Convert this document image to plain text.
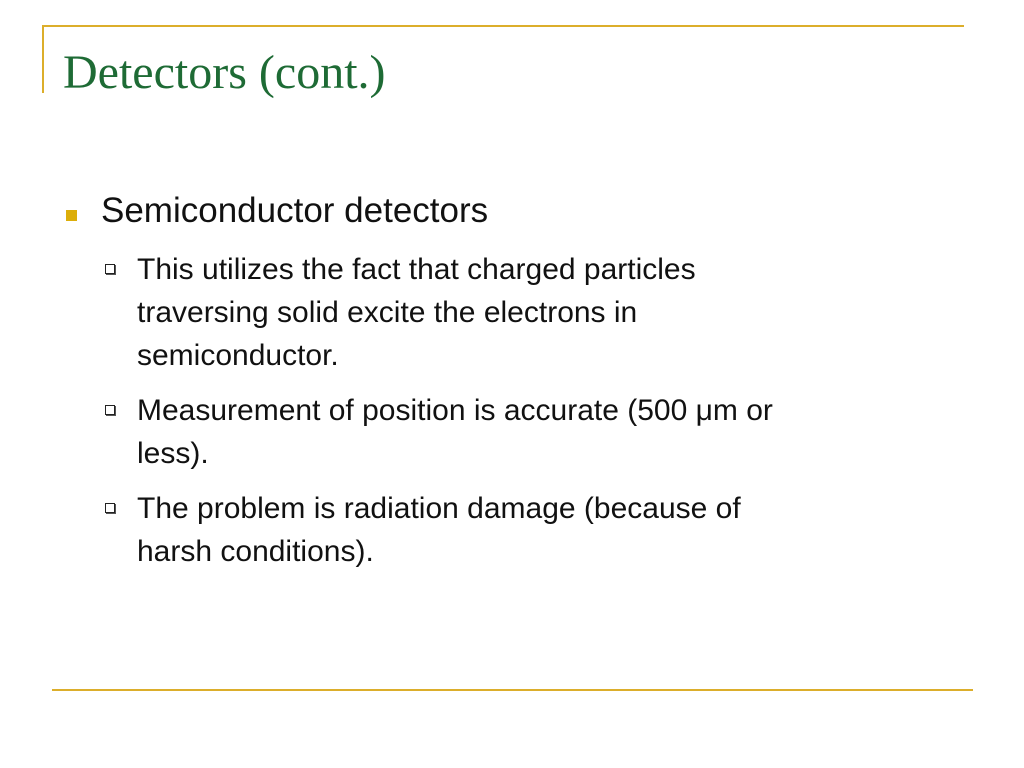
Detectors (cont.)
Semiconductor detectors
This utilizes the fact that charged particles
traversing solid excite the electrons in
semiconductor.
Measurement of position is accurate (500 μm or
less).
The problem is radiation damage (because of
harsh conditions).
